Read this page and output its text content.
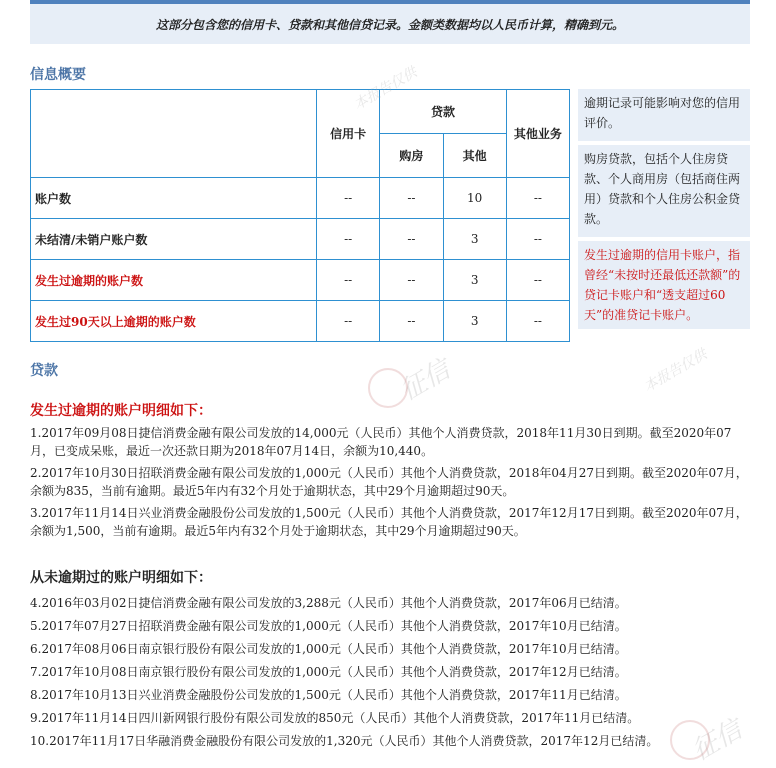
这部分包含您的信用卡、贷款和其他信贷记录。金额类数据均以人民币计算，精确到元。
信息概要
	信用卡	贷款		其他业务
		购房	其他	
账户数	--	--	10	--
未结清/未销户账户数	--	--	3	--
发生过逾期的账户数	--	--	3	--
发生过90天以上逾期的账户数	--	--	3	--
逾期记录可能影响对您的信用评价。
购房贷款，包括个人住房贷款、个人商用房（包括商住两用）贷款和个人住房公积金贷款。
发生过逾期的信用卡账户，指曾经“未按时还最低还款额”的贷记卡账户和“透支超过60天”的准贷记卡账户。
贷款
发生过逾期的账户明细如下：

1.2017年09月08日捷信消费金融有限公司发放的14,000元（人民币）其他个人消费贷款，2018年11月30日到期。截至2020年07月，已变成呆账，最近一次还款日期为2018年07月14日，余额为10,440。

2.2017年10月30日招联消费金融有限公司发放的1,000元（人民币）其他个人消费贷款，2018年04月27日到期。截至2020年07月，余额为835，当前有逾期。最近5年内有32个月处于逾期状态，其中29个月逾期超过90天。

3.2017年11月14日兴业消费金融股份公司发放的1,500元（人民币）其他个人消费贷款，2017年12月17日到期。截至2020年07月，余额为1,500，当前有逾期。最近5年内有32个月处于逾期状态，其中29个月逾期超过90天。

从未逾期过的账户明细如下：

4.2016年03月02日捷信消费金融有限公司发放的3,288元（人民币）其他个人消费贷款，2017年06月已结清。

5.2017年07月27日招联消费金融有限公司发放的1,000元（人民币）其他个人消费贷款，2017年10月已结清。

6.2017年08月06日南京银行股份有限公司发放的1,000元（人民币）其他个人消费贷款，2017年10月已结清。

7.2017年10月08日南京银行股份有限公司发放的1,000元（人民币）其他个人消费贷款，2017年12月已结清。

8.2017年10月13日兴业消费金融股份公司发放的1,500元（人民币）其他个人消费贷款，2017年11月已结清。

9.2017年11月14日四川新网银行股份有限公司发放的850元（人民币）其他个人消费贷款，2017年11月已结清。

10.2017年11月17日华融消费金融股份有限公司发放的1,320元（人民币）其他个人消费贷款，2017年12月已结清。

本报告仅供
征信	本报告仅供
征信
